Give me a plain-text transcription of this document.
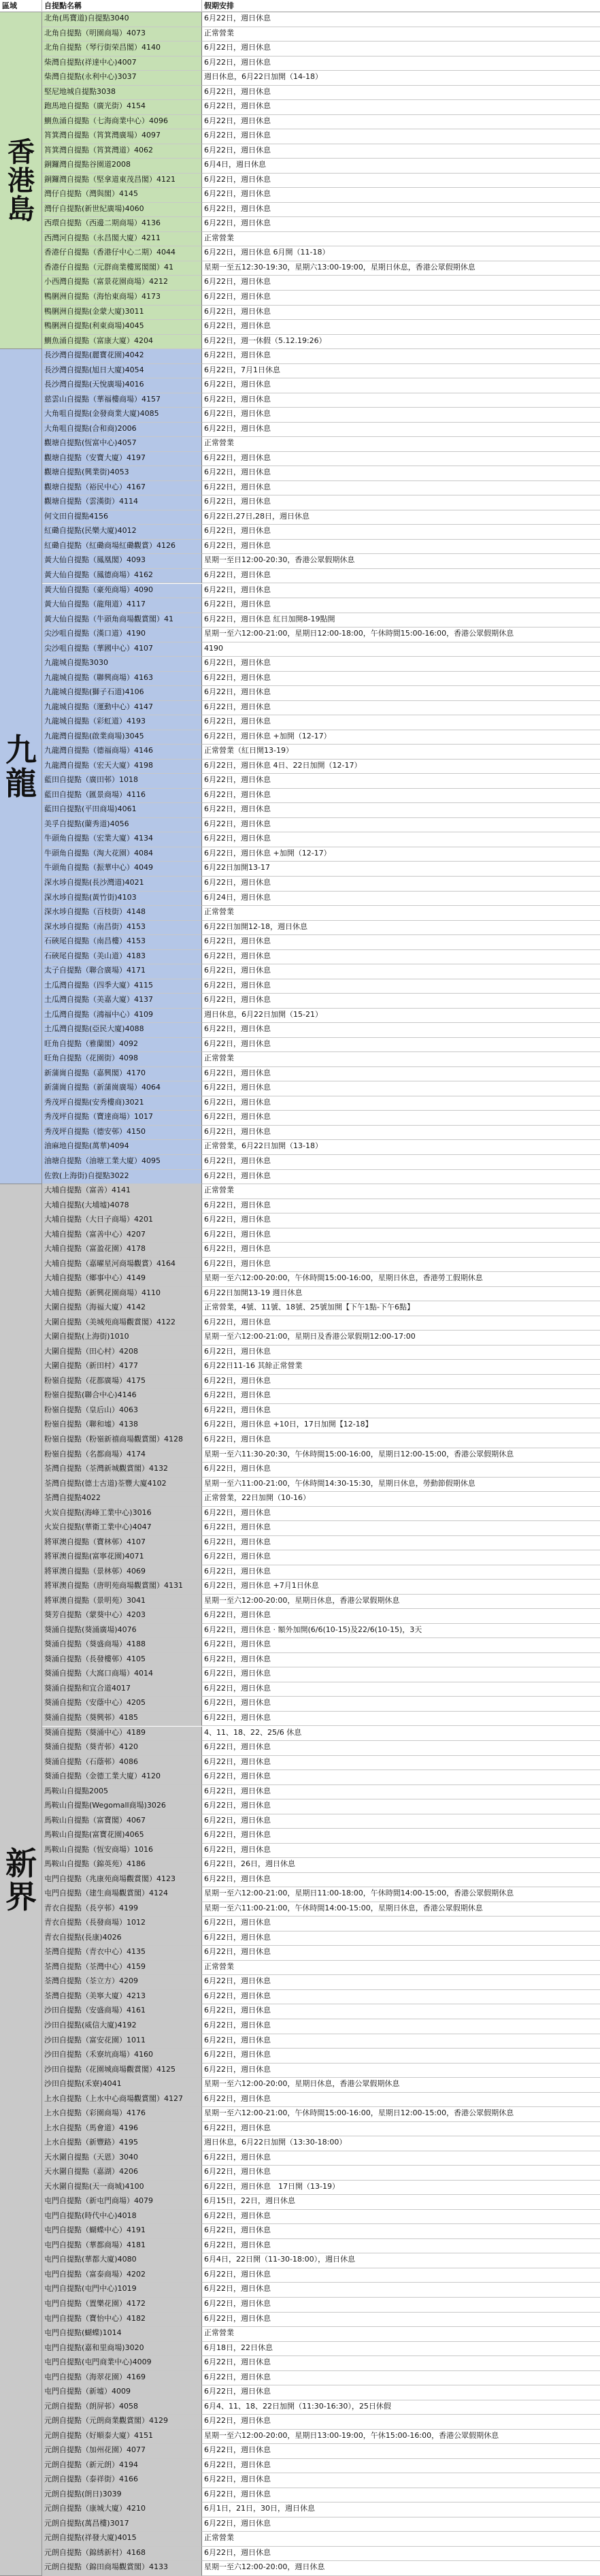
區域	自提點名稱	假期安排
香
港
島
北角(馬寶道)自提點3040	6月22日，週日休息
北角自提點（明園商場）4073	正常營業
北角自提點（琴行街荣昌閣）4140	6月22日，週日休息
柴灣自提點(祥達中心)4007	6月22日，週日休息
柴灣自提點(永利中心)3037	週日休息，6月22日加開（14-18）
堅尼地城自提點3038	6月22日，週日休息
跑馬地自提點（廣光街）4154	6月22日，週日休息
鰂魚涌自提點（七海商業中心）4096	6月22日，週日休息
筲箕灣自提點（筲箕灣廣場）4097	6月22日，週日休息
筲箕灣自提點（筲箕灣道）4062	6月22日，週日休息
銅鑼灣自提點谷園道2008	6月4日，週日休息
銅鑼灣自提點（堅拿道東茂昌閣）4121	6月22日，週日休息
灣仔自提點（灣與閣）4145	6月22日，週日休息
灣仔自提點(新世紀廣場)4060	6月22日，週日休息
西環自提點（西邊二期商場）4136	6月22日，週日休息
西灣河自提點（永昌閣大廈）4211	正常營業
香港仔自提點（香港仔中心二期）4044	6月22日，週日休息 6月開（11-18）
香港仔自提點（元群商業樓罵閣閣）41	星期一至五12:30-19:30，星期六13:00-19:00，星期日休息，香港公眾假期休息
小西灣自提點（富景花園商場）4212	6月22日，週日休息
鴨脷洲自提點（海怡東商場）4173	6月22日，週日休息
鴨脷洲自提點(金蒙大廈)3011	6月22日，週日休息
鴨脷洲自提點(利東商場)4045	6月22日，週日休息
鰂魚涌自提點（富康大廈）4204	6月22日，週一休假（5.12.19:26）
九
龍
長沙灣自提點(麗寶花園)4042	6月22日，週日休息
長沙灣自提點(旭日大廈)4054	6月22日，7月1日休息
長沙灣自提點(天悅廣場)4016	6月22日，週日休息
慈雲山自提點（華福樓商場）4157	6月22日，週日休息
大角咀自提點(金發商業大廈)4085	6月22日，週日休息
大角咀自提點(合和商)2006	6月22日，週日休息
觀塘自提點(恆富中心)4057	正常營業
觀塘自提點（安寶大廈）4197	6月22日，週日休息
觀塘自提點(興業街)4053	6月22日，週日休息
觀塘自提點（裕民中心）4167	6月22日，週日休息
觀塘自提點（雲漢街）4114	6月22日，週日休息
何文田自提點4156	6月22日,27日,28日，週日休息
紅磡自提點(民樂大廈)4012	6月22日，週日休息
紅磡自提點（紅磡商場紅磡觀賞）4126	6月22日，週日休息
黃大仙自提點（鳳凰閣）4093	星期一至日12:00-20:30，香港公眾假期休息
黃大仙自提點（鳳德商場）4162	6月22日，週日休息
黃大仙自提點（豪苑商場）4090	6月22日，週日休息
黃大仙自提點（龍翔道）4117	6月22日，週日休息
黃大仙自提點（牛頭角商場觀賞閣）41	6月22日，週日休息 紅日加開8-19點開
尖沙咀自提點（漢口道）4190	星期一至六12:00-21:00，星期日12:00-18:00，午休時間15:00-16:00，香港公眾假期休息
尖沙咀自提點（華國中心）4107	4190
九龍城自提點3030	6月22日，週日休息
九龍城自提點（聯興商場）4163	6月22日，週日休息
九龍城自提點(獅子石道)4106	6月22日，週日休息
九龍城自提點（運動中心）4147	6月22日，週日休息
九龍城自提點（彩虹道）4193	6月22日，週日休息
九龍灣自提點(啟業商場)3045	6月22日，週日休息 +加開（12-17）
九龍灣自提點（德福商場）4146	正常營業（紅日開13-19）
九龍灣自提點（宏天大廈）4198	6月22日，週日休息 4日、22日加開（12-17）
藍田自提點（廣田邨）1018	6月22日，週日休息
藍田自提點（匯景商場）4116	6月22日，週日休息
藍田自提點(平田商場)4061	6月22日，週日休息
美孚自提點(蘭秀道)4056	6月22日，週日休息
牛頭角自提點（宏業大廈）4134	6月22日，週日休息
牛頭角自提點（淘大花園）4084	6月22日，週日休息 +加開（12-17）
牛頭角自提點（振華中心）4049	6月22日加開13-17
深水埗自提點(長沙灣道)4021	6月22日，週日休息
深水埗自提點(黃竹街)4103	6月24日，週日休息
深水埗自提點（百枝街）4148	正常營業
深水埗自提點（南昌街）4153	6月22日加開12-18，週日休息
石硤尾自提點（南昌樓）4153	6月22日，週日休息
石硤尾自提點（美山道）4183	6月22日，週日休息
太子自提點（聯合廣場）4171	6月22日，週日休息
土瓜灣自提點（四季大廈）4115	6月22日，週日休息
土瓜灣自提點（美嘉大廈）4137	6月22日，週日休息
土瓜灣自提點（鴻福中心）4109	週日休息，6月22日加開（15-21）
土瓜灣自提點(亞民大廈)4088	6月22日，週日休息
旺角自提點（雅蘭閣）4092	6月22日，週日休息
旺角自提點（花園街）4098	正常營業
新蒲崗自提點（嘉興閣）4170	6月22日，週日休息
新蒲崗自提點（新蒲崗廣場）4064	6月22日，週日休息
秀茂坪自提點(安秀樓商)3021	6月22日，週日休息
秀茂坪自提點（寶達商場）1017	6月22日，週日休息
秀茂坪自提點（德安邨）4150	6月22日，週日休息
油麻地自提點(萬華)4094	正常營業，6月22日加開（13-18）
油塘自提點（油塘工業大廈）4095	6月22日，週日休息
佐敦(上海街)自提點3022	6月22日，週日休息
新
界
大埔自提點（富善）4141	正常營業
大埔自提點(大埔墟)4078	6月22日，週日休息
大埔自提點（大日子商場）4201	6月22日，週日休息
大埔自提點（富善中心）4207	6月22日，週日休息
大埔自提點（富盈花園）4178	6月22日，週日休息
大埔自提點（嘉曜星河商場觀賞）4164	6月22日，週日休息
大埔自提點（鄉事中心）4149	星期一至六12:00-20:00，午休時間15:00-16:00，星期日休息，香港勞工假期休息
大埔自提點（新興花園商場）4110	6月22日加開13-19 週日休息
大圍自提點（海福大廈）4142	正常營業，4號、11號、18號、25號加開【下午1點-下午6點】
大圍自提點（美城苑商場觀賞閣）4122	6月22日，週日休息
大圍自提點(上海街)1010	星期一至六12:00-21:00，星期日及香港公眾假期12:00-17:00
大圍自提點（田心村）4208	6月22日，週日休息
大圍自提點（新田村）4177	6月22日11-16 其餘正常營業
粉嶺自提點（花都廣場）4175	6月22日，週日休息
粉嶺自提點(聯合中心)4146	6月22日，週日休息
粉嶺自提點（皇后山）4063	6月22日，週日休息
粉嶺自提點（聯和墟）4138	6月22日，週日休息 +10日，17日加開【12-18】
粉嶺自提點（粉嶺新禧商場觀賞閣）4128	6月22日，週日休息
粉嶺自提點（名都商場）4174	星期一至六11:30-20:30，午休時間15:00-16:00，星期日12:00-15:00，香港公眾假期休息
荃灣自提點（荃灣新城觀賞閣）4132	6月22日，週日休息
荃灣自提點(德士古道)荃豐大廈4102	星期一至六11:00-21:00，午休時間14:30-15:30，星期日休息，勞動節假期休息
荃灣自提點4022	正常營業，22日加開（10-16）
火炭自提點(海峰工業中心)3016	6月22日，週日休息
火炭自提點(華衛工業中心)4047	6月22日，週日休息
將軍澳自提點（寶林邨）4107	6月22日，週日休息
將軍澳自提點(富寧花園)4071	6月22日，週日休息
將軍澳自提點（景林邨）4069	6月22日，週日休息
將軍澳自提點（唐明苑商場觀賞閣）4131	6月22日，週日休息 +7月1日休息
將軍澳自提點（景明苑）3041	星期一至六12:00-20:00，星期日休息，香港公眾假期休息
葵芳自提點（蒙葵中心）4203	6月22日，週日休息
葵涌自提點(葵涌廣場)4076	6月22日，週日休息 · 額外加開(6/6(10-15)及22/6(10-15)，3天
葵涌自提點（葵盛商場）4188	6月22日，週日休息
葵涌自提點（長發樓邨）4105	6月22日，週日休息
葵涌自提點（大窩口商場）4014	6月22日，週日休息
葵涌自提點和宜合道4017	6月22日，週日休息
葵涌自提點（安蔭中心）4205	6月22日，週日休息
葵涌自提點（葵興邨）4185	6月22日，週日休息
葵涌自提點（葵涌中心）4189	4、11、18、22、25/6 休息
葵涌自提點（葵青邨）4120	6月22日，週日休息
葵涌自提點（石蔭邨）4086	6月22日，週日休息
葵涌自提點（金德工業大廈）4120	6月22日，週日休息
馬鞍山自提點2005	6月22日，週日休息
馬鞍山自提點(Wegomall商場)3026	6月22日，週日休息
馬鞍山自提點（富寶閣）4067	6月22日，週日休息
馬鞍山自提點(富寶花園)4065	6月22日，週日休息
馬鞍山自提點（恆安商場）1016	6月22日，週日休息
馬鞍山自提點（錦英苑）4186	6月22日，26日，週日休息
屯門自提點（兆康苑商場觀賞閣）4123	6月22日，週日休息
屯門自提點（建生商場觀賞閣）4124	星期一至六12:00-21:00，星期日11:00-18:00，午休時間14:00-15:00，香港公眾假期休息
青衣自提點（長亨邨）4199	星期一至六11:00-21:00，午休時間14:00-15:00，星期日休息，香港公眾假期休息
青衣自提點（長發商場）1012	6月22日，週日休息
青衣自提點(長康)4026	6月22日，週日休息
荃灣自提點（青衣中心）4135	6月22日，週日休息
荃灣自提點（荃灣中心）4159	正常營業
荃灣自提點（荃立方）4209	6月22日，週日休息
荃灣自提點（美寧大廈）4213	6月22日，週日休息
沙田自提點（安盛商場）4161	6月22日，週日休息
沙田自提點(威信大廈)4192	6月22日，週日休息
沙田自提點（富安花園）1011	6月22日，週日休息
沙田自提點（禾寮坑商場）4160	6月22日，週日休息
沙田自提點（花園城商場觀賞閣）4125	6月22日，週日休息
沙田自提點(禾寮)4041	星期一至六12:00-20:00，星期日休息，香港公眾假期休息
上水自提點（上水中心商場觀賞閣）4127	6月22日，週日休息
上水自提點（彩園商場）4176	星期一至六12:00-21:00，午休時間15:00-16:00，星期日12:00-15:00，香港公眾假期休息
上水自提點（馬會道）4196	6月22日，週日休息
上水自提點（新豐路）4195	週日休息，6月22日加開（13:30-18:00）
天水圍自提點（天恩）3040	6月22日，週日休息
天水圍自提點（嘉湖）4206	6月22日，週日休息
天水圍自提點(天一商城)4100	6月22日，週日休息　17日開（13-19）
屯門自提點（新屯門商場）4079	6月15日，22日，週日休息
屯門自提點(時代中心)4018	6月22日，週日休息
屯門自提點（蝴蝶中心）4191	6月22日，週日休息
屯門自提點（華都商場）4181	6月22日，週日休息
屯門自提點(華都大廈)4080	6月4日，22日開（11-30-18:00），週日休息
屯門自提點（富泰商場）4202	6月22日，週日休息
屯門自提點(屯門中心)1019	6月22日，週日休息
屯門自提點（置樂花園）4172	6月22日，週日休息
屯門自提點（寶怡中心）4182	6月22日，週日休息
屯門自提點(蝴蝶)1014	正常營業
屯門自提點(嘉和里商場)3020	6月18日，22日休息
屯門自提點(屯門商業中心)4009	6月22日，週日休息
屯門自提點（海翠花園）4169	6月22日，週日休息
屯門自提點（新墟）4009	6月22日，週日休息
元朗自提點（朗屏邨）4058	6月4、11、18、22日加開（11:30-16:30），25日休假
元朗自提點（元朗商業觀賞閣）4129	6月22日，週日休息
元朗自提點（好順泰大廈）4151	星期一至六12:00-20:00，星期日13:00-19:00，午休15:00-16:00，香港公眾假期休息
元朗自提點（加州花園）4077	6月22日，週日休息
元朗自提點（新元朗）4194	6月22日，週日休息
元朗自提點（泰祥街）4166	6月22日，週日休息
元朗自提點(朗日)3039	6月22日，週日休息
元朗自提點（康城大廈）4210	6月1日，21日，30日，週日休息
元朗自提點(萬昌樓)3017	6月22日，週日休息
元朗自提點(祥發大廈)4015	正常營業
元朗自提點（錦綉新村）4168	6月22日，週日休息
元朗自提點（錦田商場觀賞閣）4133	星期一至六12:00-20:00，週日休息
